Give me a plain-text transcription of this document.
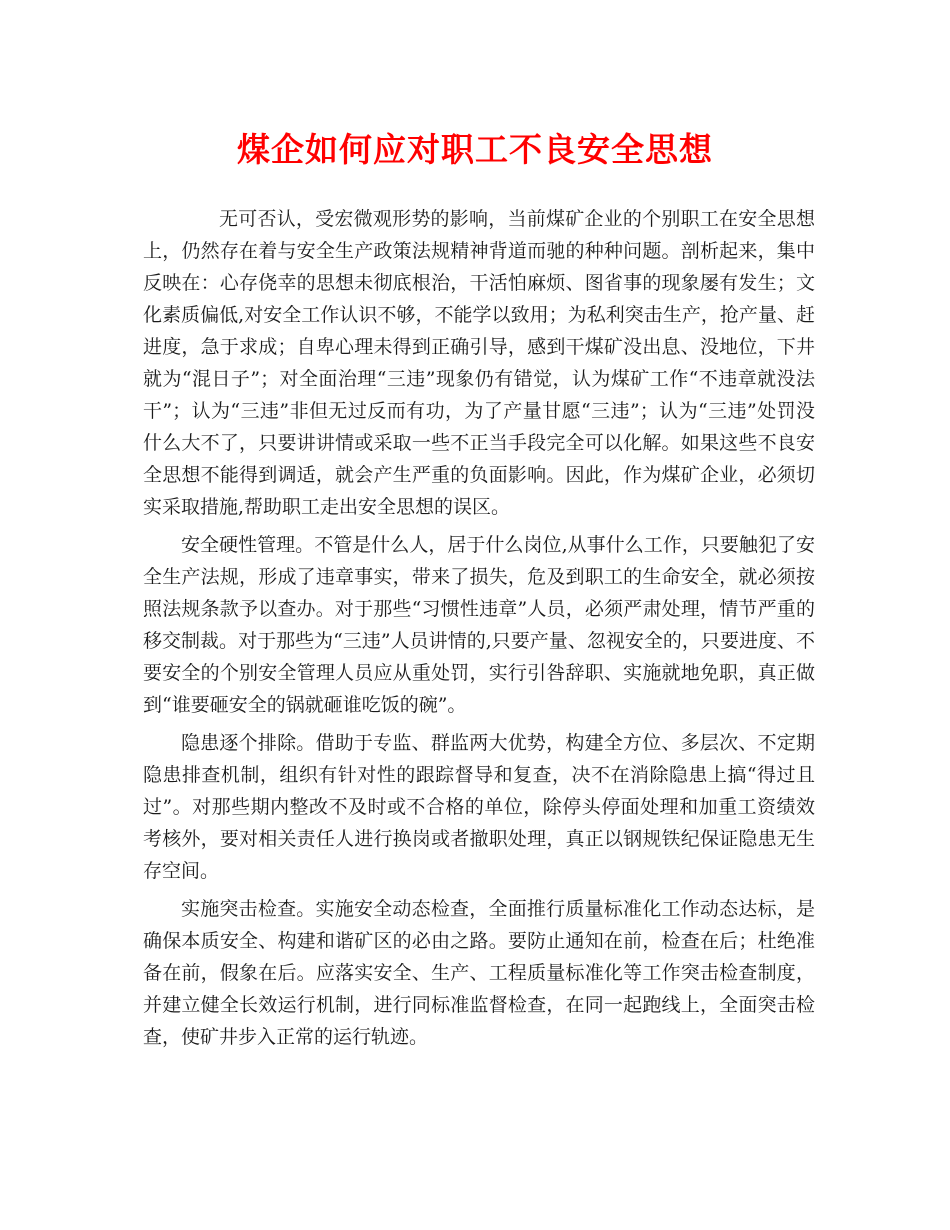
煤企如何应对职工不良安全思想

无可否认，受宏微观形势的影响，当前煤矿企业的个别职工在安全思想上，仍然存在着与安全生产政策法规精神背道而驰的种种问题。剖析起来，集中反映在：心存侥幸的思想未彻底根治，干活怕麻烦、图省事的现象屡有发生；文化素质偏低,对安全工作认识不够，不能学以致用；为私利突击生产，抢产量、赶进度，急于求成；自卑心理未得到正确引导，感到干煤矿没出息、没地位，下井就为“混日子”；对全面治理“三违”现象仍有错觉，认为煤矿工作“不违章就没法干”；认为“三违”非但无过反而有功，为了产量甘愿“三违”；认为“三违”处罚没什么大不了，只要讲讲情或采取一些不正当手段完全可以化解。如果这些不良安全思想不能得到调适，就会产生严重的负面影响。因此，作为煤矿企业，必须切实采取措施,帮助职工走出安全思想的误区。

安全硬性管理。不管是什么人，居于什么岗位,从事什么工作，只要触犯了安全生产法规，形成了违章事实，带来了损失，危及到职工的生命安全，就必须按照法规条款予以查办。对于那些“习惯性违章”人员，必须严肃处理，情节严重的移交制裁。对于那些为“三违”人员讲情的,只要产量、忽视安全的，只要进度、不要安全的个别安全管理人员应从重处罚，实行引咎辞职、实施就地免职，真正做到“谁要砸安全的锅就砸谁吃饭的碗”。

隐患逐个排除。借助于专监、群监两大优势，构建全方位、多层次、不定期隐患排查机制，组织有针对性的跟踪督导和复查，决不在消除隐患上搞“得过且过”。对那些期内整改不及时或不合格的单位，除停头停面处理和加重工资绩效考核外，要对相关责任人进行换岗或者撤职处理，真正以钢规铁纪保证隐患无生存空间。

实施突击检查。实施安全动态检查，全面推行质量标准化工作动态达标，是确保本质安全、构建和谐矿区的必由之路。要防止通知在前，检查在后；杜绝准备在前，假象在后。应落实安全、生产、工程质量标准化等工作突击检查制度，并建立健全长效运行机制，进行同标准监督检查，在同一起跑线上，全面突击检查，使矿井步入正常的运行轨迹。
